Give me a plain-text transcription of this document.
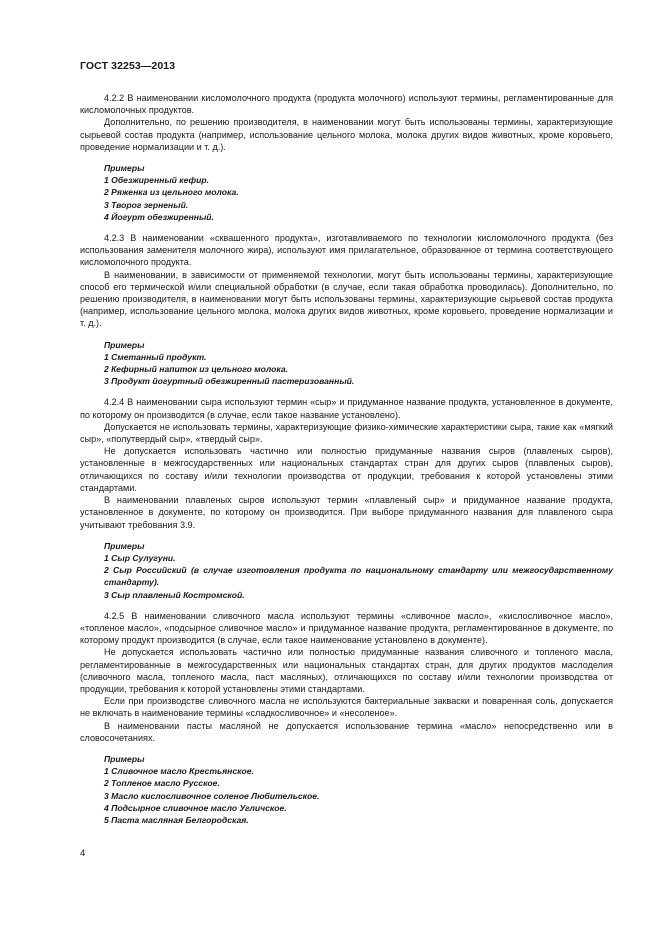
ГОСТ 32253—2013

4.2.2 В наименовании кисломолочного продукта (продукта молочного) используют термины, регламентированные для кисломолочных продуктов.

Дополнительно, по решению производителя, в наименовании могут быть использованы термины, характеризующие сырьевой состав продукта (например, использование цельного молока, молока других видов животных, кроме коровьего, проведение нормализации и т. д.).

Примеры
1 Обезжиренный кефир.
2 Ряженка из цельного молока.
3 Творог зерненый.
4 Йогурт обезжиренный.

4.2.3 В наименовании «сквашенного продукта», изготавливаемого по технологии кисломолочного продукта (без использования заменителя молочного жира), используют имя прилагательное, образованное от термина соответствующего кисломолочного продукта.

В наименовании, в зависимости от применяемой технологии, могут быть использованы термины, характеризующие способ его термической и/или специальной обработки (в случае, если такая обработка проводилась). Дополнительно, по решению производителя, в наименовании могут быть использованы термины, характеризующие сырьевой состав продукта (например, использование цельного молока, молока других видов животных, кроме коровьего, проведение нормализации и т. д.).

Примеры
1 Сметанный продукт.
2 Кефирный напиток из цельного молока.
3 Продукт йогуртный обезжиренный пастеризованный.

4.2.4 В наименовании сыра используют термин «сыр» и придуманное название продукта, установленное в документе, по которому он производится (в случае, если такое название установлено).

Допускается не использовать термины, характеризующие физико-химические характеристики сыра, такие как «мягкий сыр», «полутвердый сыр», «твердый сыр».

Не допускается использовать частично или полностью придуманные названия сыров (плавленых сыров), установленные в межгосударственных или национальных стандартах стран для других сыров (плавленых сыров), отличающихся по составу и/или технологии производства от продукции, требования к которой установлены этими стандартами.

В наименовании плавленых сыров используют термин «плавленый сыр» и придуманное название продукта, установленное в документе, по которому он производится. При выборе придуманного названия для плавленого сыра учитывают требования 3.9.

Примеры
1 Сыр Сулугуни.
2 Сыр Российский (в случае изготовления продукта по национальному стандарту или межгосударственному стандарту).
3 Сыр плавленый Костромской.

4.2.5 В наименовании сливочного масла используют термины «сливочное масло», «кислосливочное масло», «топленое масло», «подсырное сливочное масло» и придуманное название продукта, регламентированное в документе, по которому продукт производится (в случае, если такое наименование установлено в документе).

Не допускается использовать частично или полностью придуманные названия сливочного и топленого масла, регламентированные в межгосударственных или национальных стандартах стран, для других продуктов маслоделия (сливочного масла, топленого масла, паст масляных), отличающихся по составу и/или технологии производства от продукции, требования к которой установлены этими стандартами.

Если при производстве сливочного масла не используются бактериальные закваски и поваренная соль, допускается не включать в наименование термины «сладкосливочное» и «несоленое».

В наименовании пасты масляной не допускается использование термина «масло» непосредственно или в словосочетаниях.

Примеры
1 Сливочное масло Крестьянское.
2 Топленое масло Русское.
3 Масло кислосливочное соленое Любительское.
4 Подсырное сливочное масло Угличское.
5 Паста масляная Белгородская.
4
